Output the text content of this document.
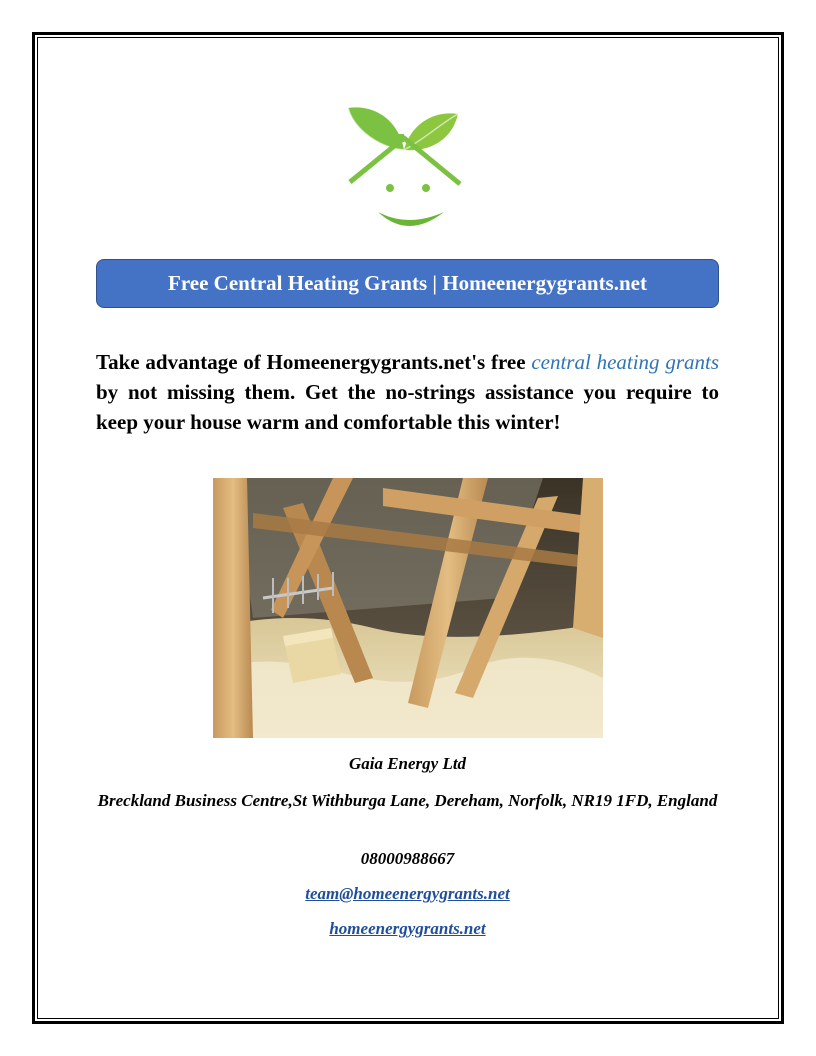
Free Central Heating Grants | Homeenergygrants.net

Take advantage of Homeenergygrants.net's free central heating grants by not missing them. Get the no-strings assistance you require to keep your house warm and comfortable this winter!

Gaia Energy Ltd

Breckland Business Centre,St Withburga Lane, Dereham, Norfolk, NR19 1FD, England

08000988667

team@homeenergygrants.net
homeenergygrants.net
